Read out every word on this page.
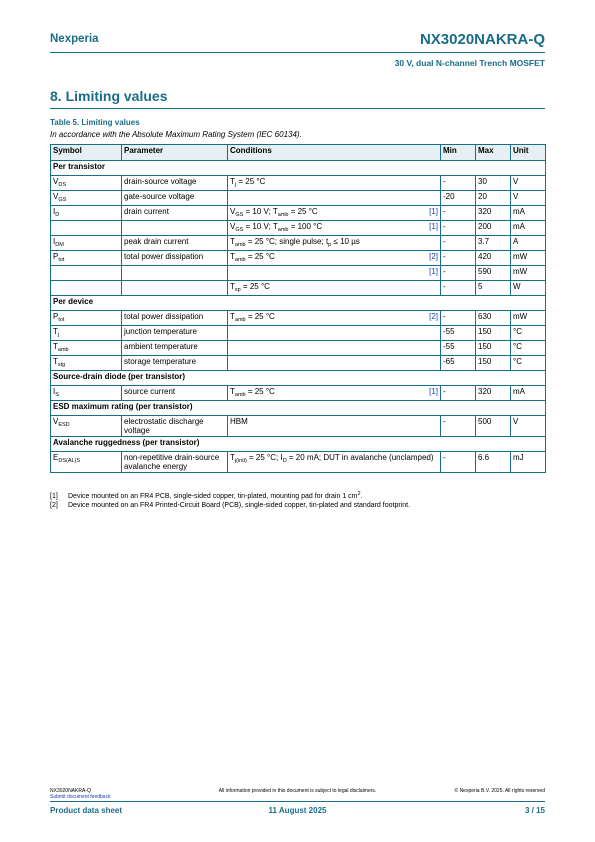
Nexperia	NX3020NAKRA-Q
30 V, dual N-channel Trench MOSFET
8. Limiting values
Table 5. Limiting values
In accordance with the Absolute Maximum Rating System (IEC 60134).
Symbol	Parameter	Conditions		Min	Max	Unit
Per transistor						
$V_{DS}$	drain-source voltage	$T_j = 25$ °C		-	30	V
$V_{GS}$	gate-source voltage			-20	20	V
$I_D$	drain current	$V_{GS} = 10$ V; $T_{amb} = 25$ °C	[1]	-	320	mA
		$V_{GS} = 10$ V; $T_{amb} = 100$ °C	[1]	-	200	mA
$I_{DM}$	peak drain current	$T_{amb} = 25$ °C; single pulse; $t_p \le 10$ µs		-	3.7	A
$P_{tot}$	total power dissipation	$T_{amb} = 25$ °C	[2]	-	420	mW
			[1]	-	590	mW
		$T_{sp} = 25$ °C		-	5	W
Per device						
$P_{tot}$	total power dissipation	$T_{amb} = 25$ °C	[2]	-	630	mW
$T_j$	junction temperature			-55	150	°C
$T_{amb}$	ambient temperature			-55	150	°C
$T_{stg}$	storage temperature			-65	150	°C
Source-drain diode (per transistor)						
$I_S$	source current	$T_{amb} = 25$ °C	[1]	-	320	mA
ESD maximum rating (per transistor)						
$V_{ESD}$	electrostatic discharge voltage	HBM		-	500	V
Avalanche ruggedness (per transistor)						
$E_{DS(AL)S}$	non-repetitive drain-source avalanche energy	$T_{j(init)} = 25$ °C; $I_D = 20$ mA; DUT in avalanche (unclamped)		-	6.6	mJ
[1]	Device mounted on an FR4 PCB, single-sided copper, tin-plated, mounting pad for drain 1 $cm^2$.
[2]	Device mounted on an FR4 Printed-Circuit Board (PCB), single-sided copper, tin-plated and standard footprint.
NX3020NAKRA-Q
Submit document feedback
All information provided in this document is subject to legal disclaimers.	© Nexperia B.V. 2025. All rights reserved
Product data sheet	11 August 2025	3 / 15
